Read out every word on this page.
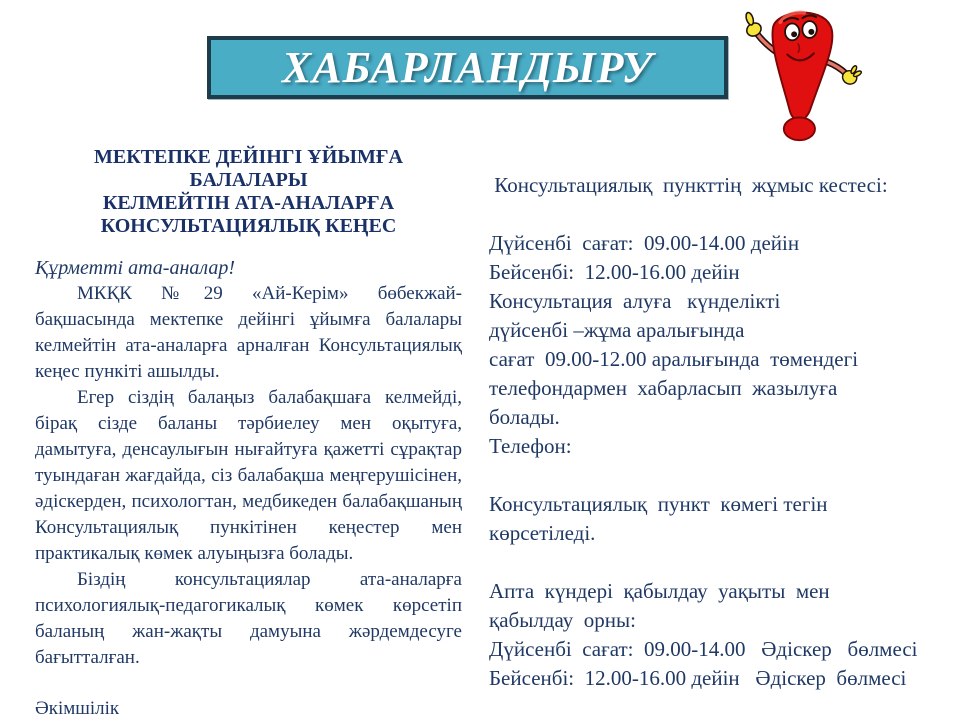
ХАБАРЛАНДЫРУ
МЕКТЕПКЕ ДЕЙІНГІ ҰЙЫМҒА БАЛАЛАРЫ
КЕЛМЕЙТІН АТА-АНАЛАРҒА
КОНСУЛЬТАЦИЯЛЫҚ КЕҢЕС
Құрметті ата-аналар!

МКҚК №29 «Ай-Керім» бөбекжай-бақшасында мектепке дейінгі ұйымға балалары келмейтін ата-аналарға арналған Консультациялық кеңес пункіті ашылды.

Егер сіздің балаңыз балабақшаға келмейді, бірақ сізде баланы тәрбиелеу мен оқытуға, дамытуға, денсаулығын нығайтуға қажетті сұрақтар туындаған жағдайда, сіз балабақша меңгерушісінен, әдіскерден, психологтан, медбикеден балабақшаның Консультациялық пункітінен кеңестер мен практикалық көмек алуыңызға болады.

Біздің консультациялар ата-аналарға психологиялық-педагогикалық көмек көрсетіп баланың жан-жақты дамуына жәрдемдесуге бағытталған.

Әкімшілік
Консультациялық  пункттің  жұмыс кестесі:
Дүйсенбі  сағат:  09.00-14.00 дейін
Бейсенбі:  12.00-16.00 дейін
Консультация  алуға   күнделікті
дүйсенбі –жұма аралығында
сағат  09.00-12.00 аралығында  төмендегі
телефондармен  хабарласып  жазылуға
болады.
Телефон:
Консультациялық  пункт  көмегі тегін
көрсетіледі.
Апта  күндері  қабылдау  уақыты  мен
қабылдау  орны:
Дүйсенбі  сағат:  09.00-14.00   Әдіскер   бөлмесі
Бейсенбі:  12.00-16.00 дейін   Әдіскер  бөлмесі
